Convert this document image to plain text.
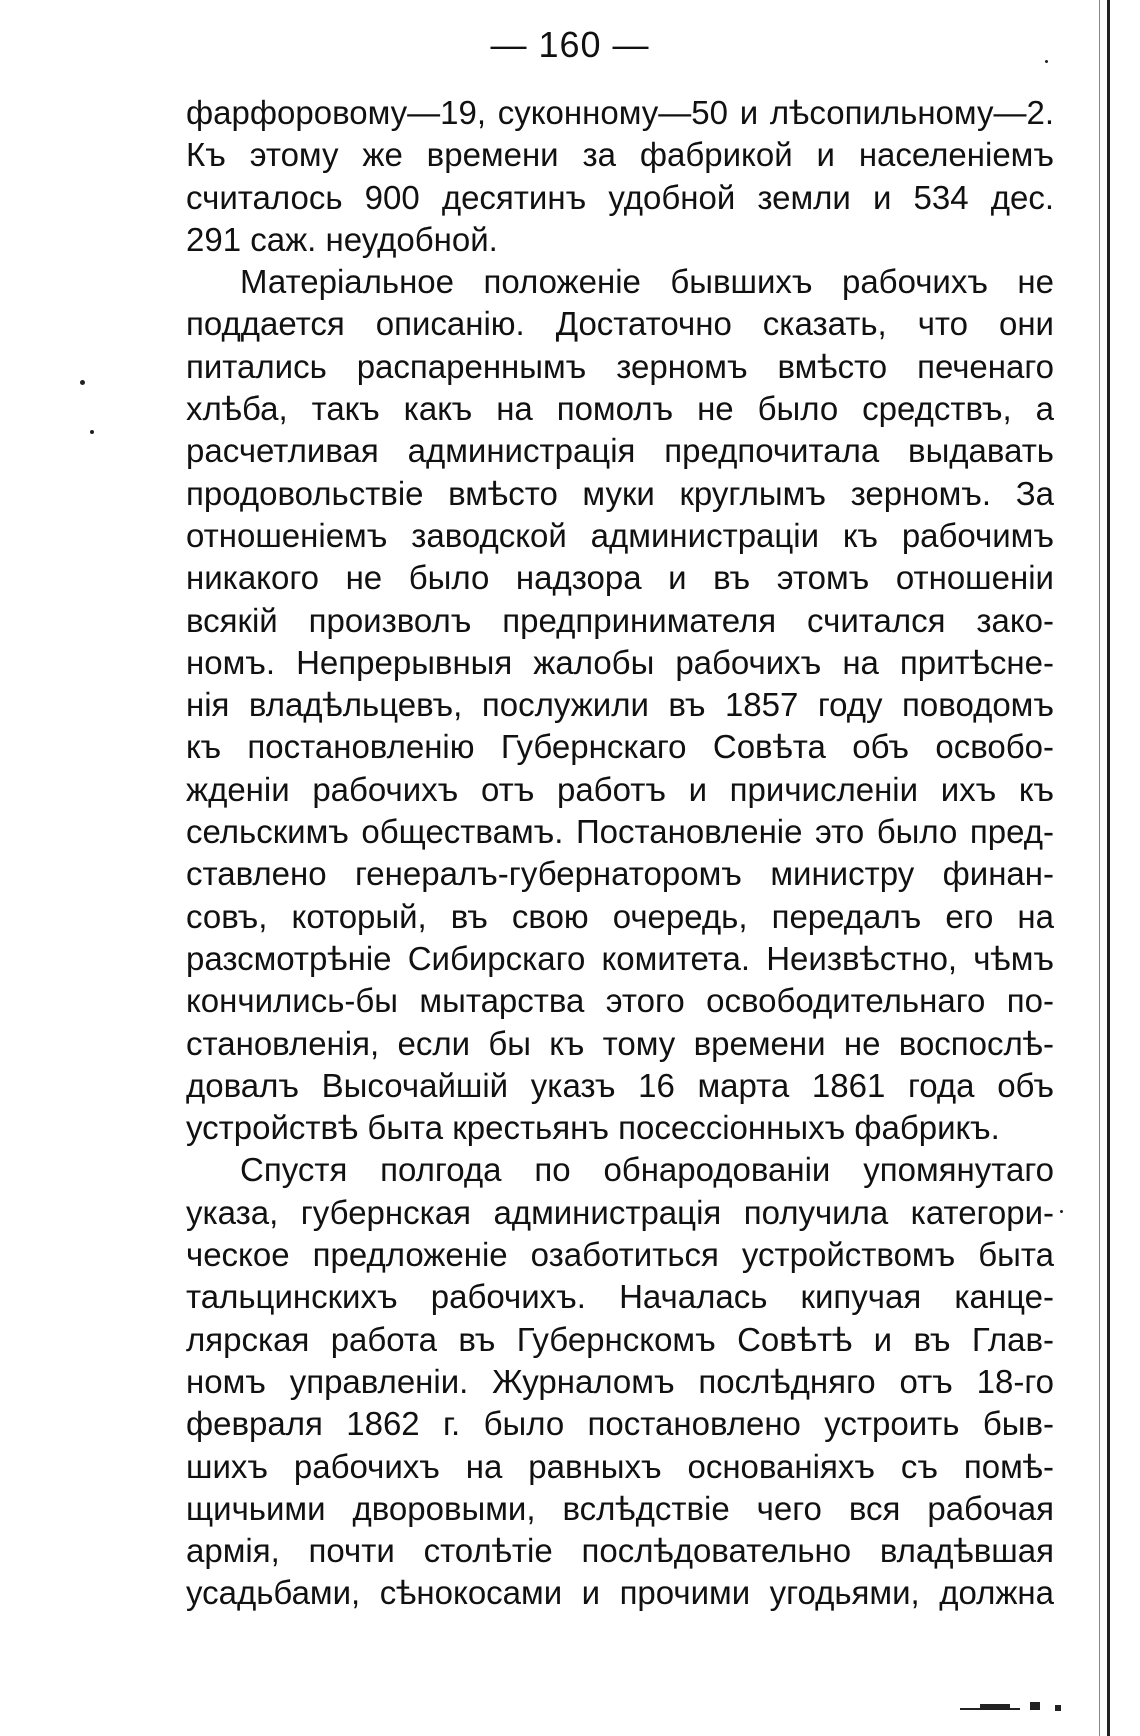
— 160 —
фарфоровому—19, суконному—50 и лѣсопильному—2.
Къ этому же времени за фабрикой и населеніемъ
считалось 900 десятинъ удобной земли и 534 дес.
291 саж. неудобной.
Матеріальное положеніе бывшихъ рабочихъ не
поддается описанію. Достаточно сказать, что они
питались распареннымъ зерномъ вмѣсто печенаго
хлѣба, такъ какъ на помолъ не было средствъ, а
расчетливая администрація предпочитала выдавать
продовольствіе вмѣсто муки круглымъ зерномъ. За
отношеніемъ заводской администраціи къ рабочимъ
никакого не было надзора и въ этомъ отношеніи
всякій произволъ предпринимателя считался зако-
номъ. Непрерывныя жалобы рабочихъ на притѣсне-
нія владѣльцевъ, послужили въ 1857 году поводомъ
къ постановленію Губернскаго Совѣта объ освобо-
жденіи рабочихъ отъ работъ и причисленіи ихъ къ
сельскимъ обществамъ. Постановленіе это было пред-
ставлено генералъ-губернаторомъ министру финан-
совъ, который, въ свою очередь, передалъ его на
разсмотрѣніе Сибирскаго комитета. Неизвѣстно, чѣмъ
кончились-бы мытарства этого освободительнаго по-
становленія, если бы къ тому времени не воспослѣ-
довалъ Высочайшій указъ 16 марта 1861 года объ
устройствѣ быта крестьянъ посессіонныхъ фабрикъ.
Спустя полгода по обнародованіи упомянутаго
указа, губернская администрація получила категори-
ческое предложеніе озаботиться устройствомъ быта
тальцинскихъ рабочихъ. Началась кипучая канце-
лярская работа въ Губернскомъ Совѣтѣ и въ Глав-
номъ управленіи. Журналомъ послѣдняго отъ 18-го
февраля 1862 г. было постановлено устроить быв-
шихъ рабочихъ на равныхъ основаніяхъ съ помѣ-
щичьими дворовыми, вслѣдствіе чего вся рабочая
армія, почти столѣтіе послѣдовательно владѣвшая
усадьбами, сѣнокосами и прочими угодьями, должна
